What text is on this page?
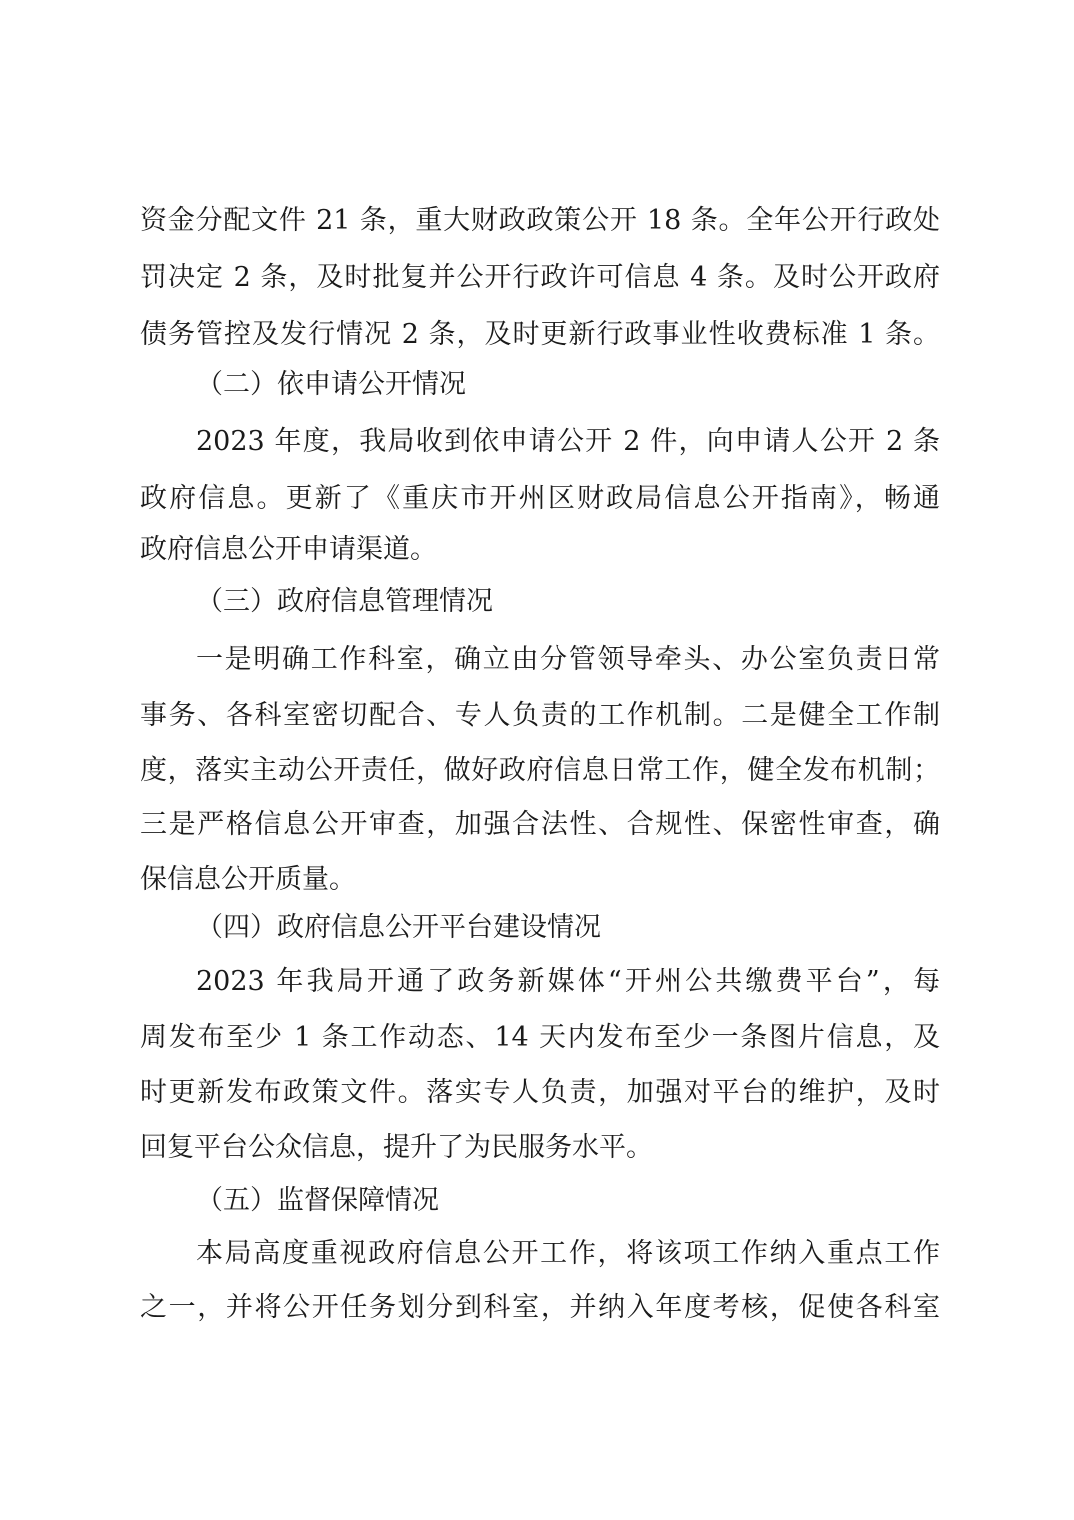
资金分配文件 21 条，重大财政政策公开 18 条。全年公开行政处
罚决定 2 条，及时批复并公开行政许可信息 4 条。及时公开政府
债务管控及发行情况 2 条，及时更新行政事业性收费标准 1 条。
（二）依申请公开情况
2023 年度，我局收到依申请公开 2 件，向申请人公开 2 条
政府信息。更新了《重庆市开州区财政局信息公开指南》，畅通
政府信息公开申请渠道。
（三）政府信息管理情况
一是明确工作科室，确立由分管领导牵头、办公室负责日常
事务、各科室密切配合、专人负责的工作机制。二是健全工作制
度，落实主动公开责任，做好政府信息日常工作，健全发布机制；
三是严格信息公开审查，加强合法性、合规性、保密性审查，确
保信息公开质量。
（四）政府信息公开平台建设情况
2023 年我局开通了政务新媒体“开州公共缴费平台”，每
周发布至少 1 条工作动态、14 天内发布至少一条图片信息，及
时更新发布政策文件。落实专人负责，加强对平台的维护，及时
回复平台公众信息，提升了为民服务水平。
（五）监督保障情况
本局高度重视政府信息公开工作，将该项工作纳入重点工作
之一，并将公开任务划分到科室，并纳入年度考核，促使各科室
